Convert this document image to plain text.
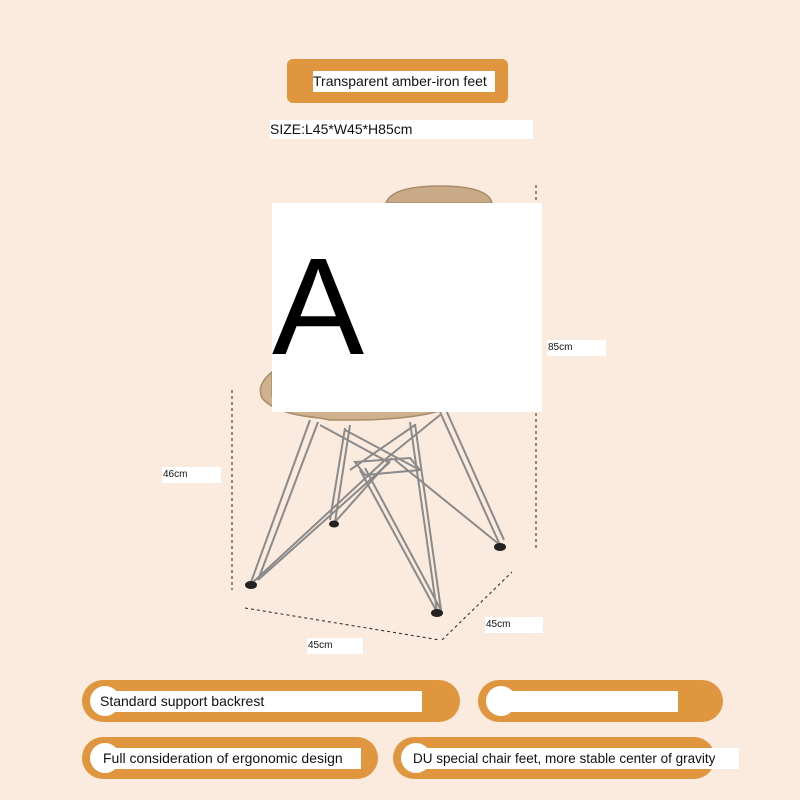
Transparent amber-iron feet
SIZE:L45*W45*H85cm
A	85cm
46cm
45cm
45cm
Standard support backrest
Full consideration of ergonomic design	DU special chair feet, more stable center of gravity
